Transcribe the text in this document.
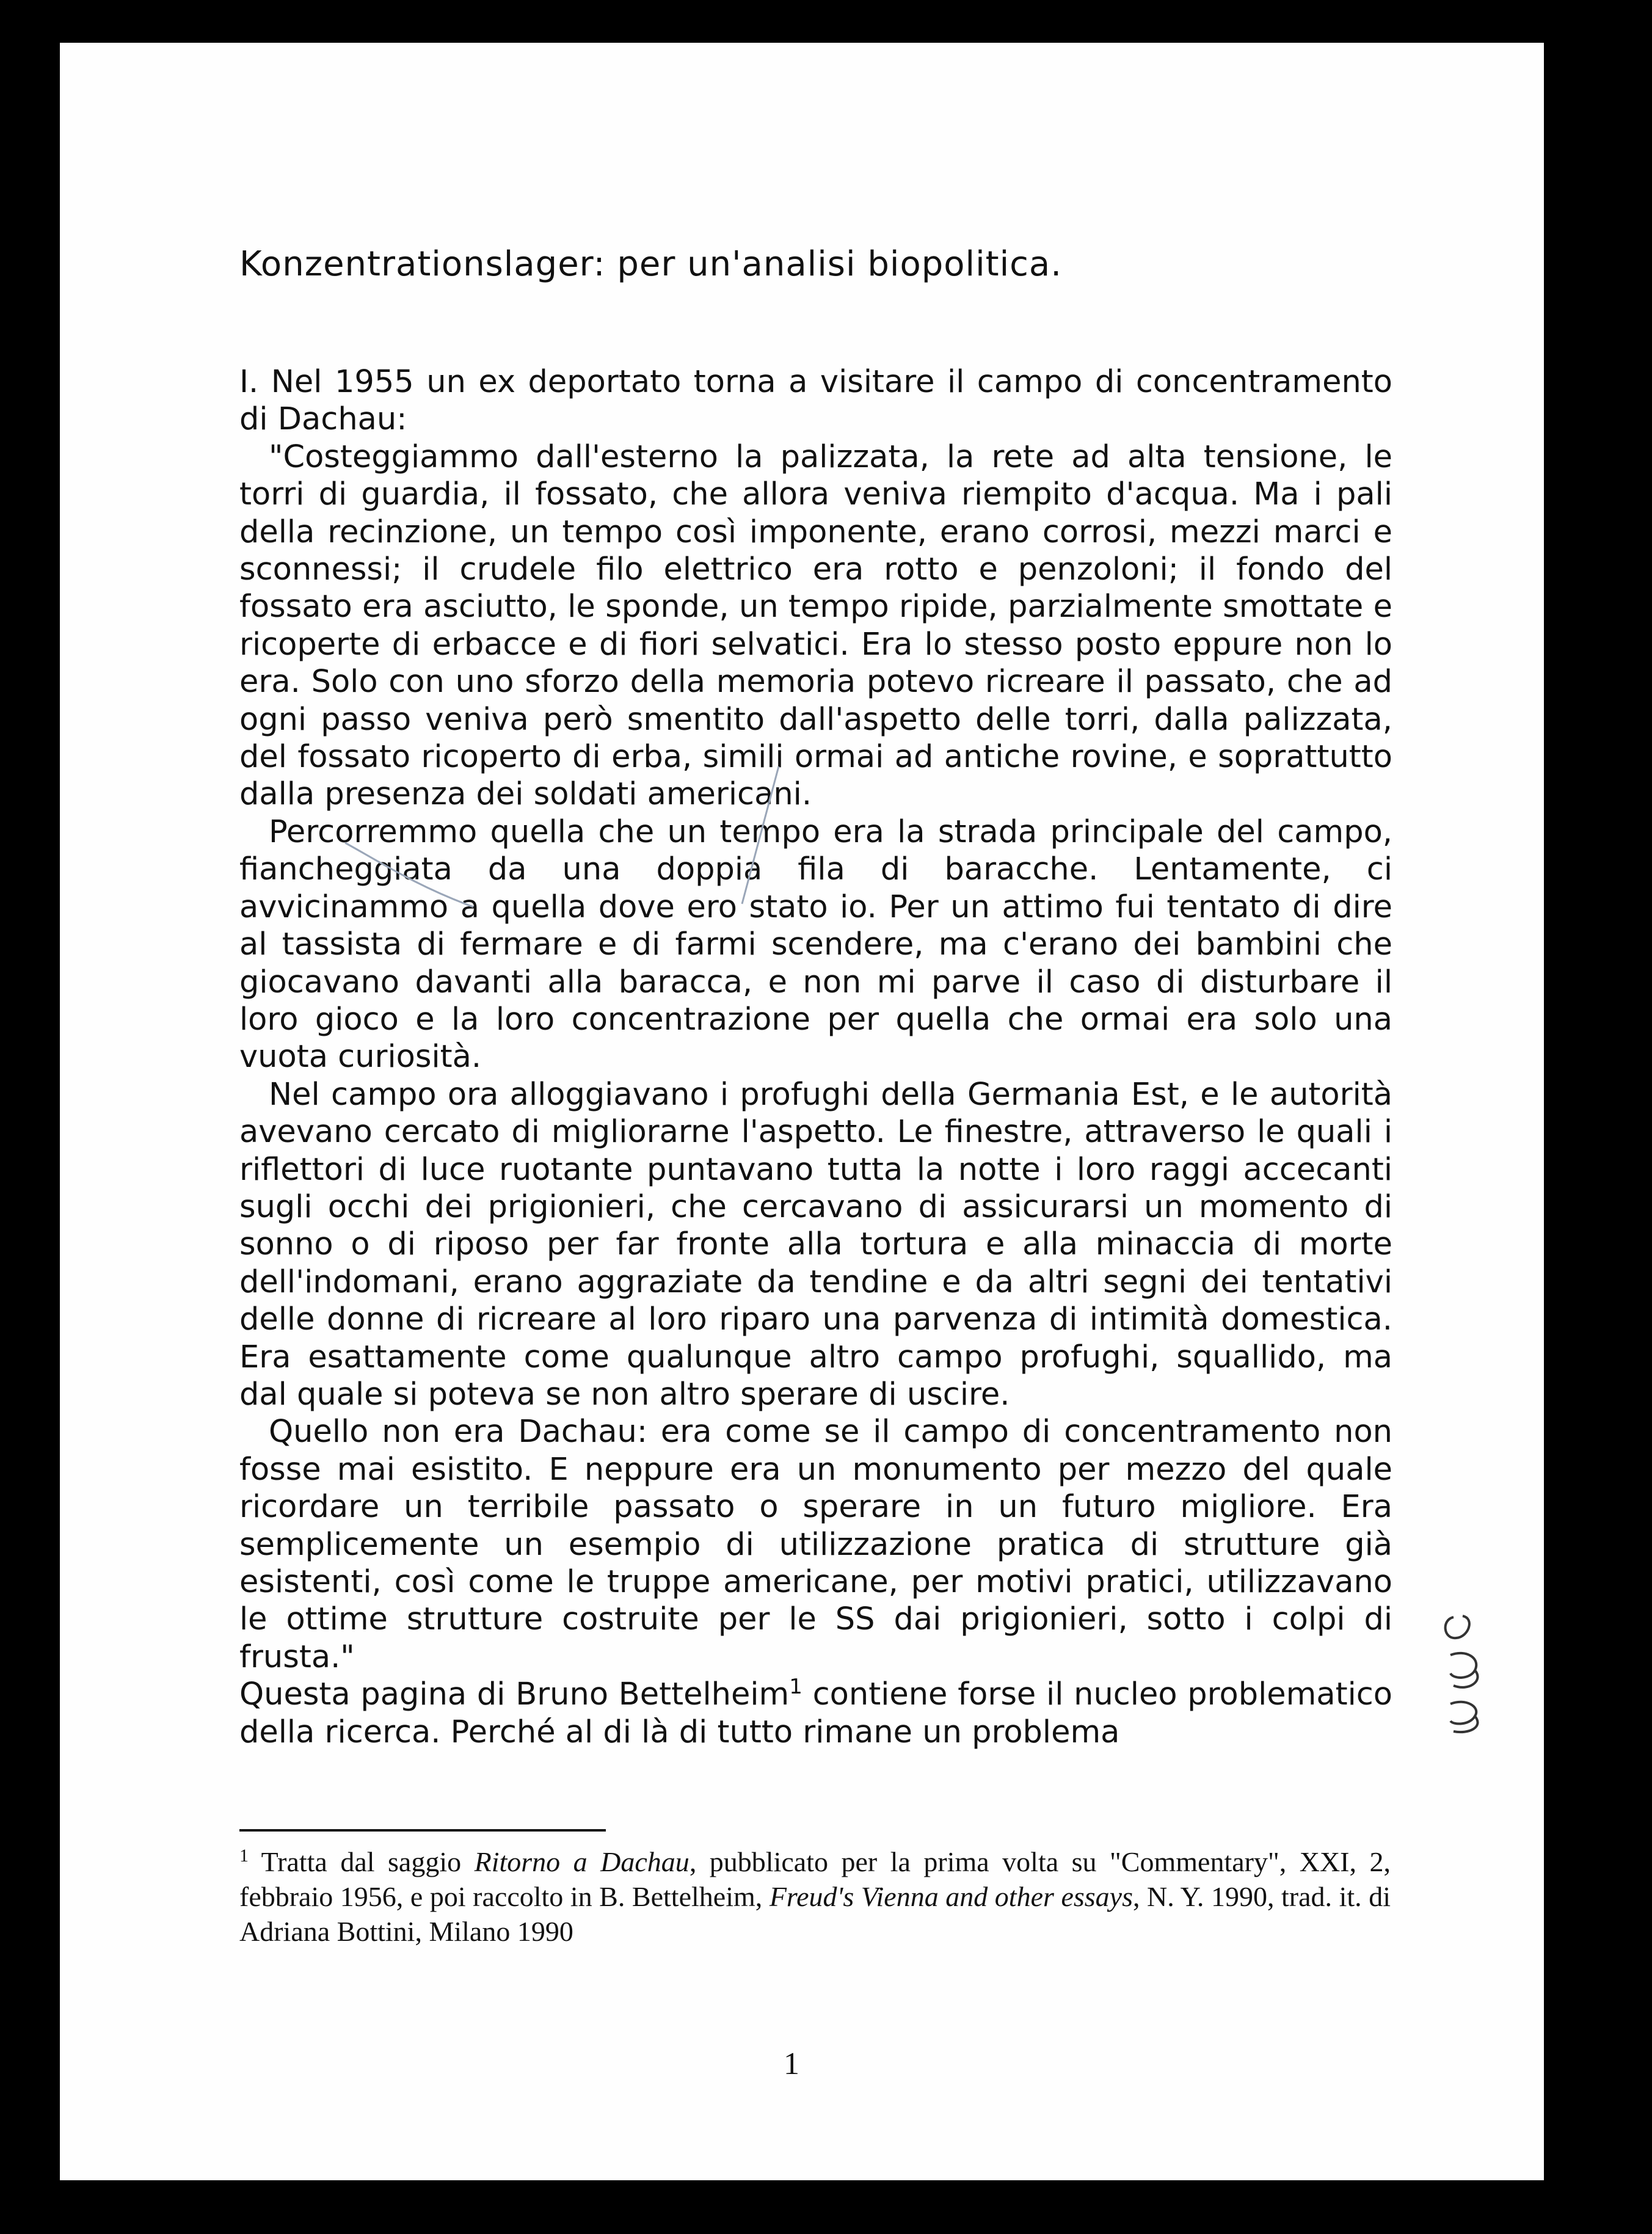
Konzentrationslager: per un'analisi biopolitica.

I. Nel 1955 un ex deportato torna a visitare il campo di concentramento di Dachau:

"Costeggiammo dall'esterno la palizzata, la rete ad alta tensione, le torri di guardia, il fossato, che allora veniva riempito d'acqua. Ma i pali della recinzione, un tempo così imponente, erano corrosi, mezzi marci e sconnessi; il crudele filo elettrico era rotto e penzoloni; il fondo del fossato era asciutto, le sponde, un tempo ripide, parzialmente smottate e ricoperte di erbacce e di fiori selvatici. Era lo stesso posto eppure non lo era. Solo con uno sforzo della memoria potevo ricreare il passato, che ad ogni passo veniva però smentito dall'aspetto delle torri, dalla palizzata, del fossato ricoperto di erba, simili ormai ad antiche rovine, e soprattutto dalla presenza dei soldati americani.

Percorremmo quella che un tempo era la strada principale del campo, fiancheggiata da una doppia fila di baracche. Lentamente, ci avvicinammo a quella dove ero stato io. Per un attimo fui tentato di dire al tassista di fermare e di farmi scendere, ma c'erano dei bambini che giocavano davanti alla baracca, e non mi parve il caso di disturbare il loro gioco e la loro concentrazione per quella che ormai era solo una vuota curiosità.

Nel campo ora alloggiavano i profughi della Germania Est, e le autorità avevano cercato di migliorarne l'aspetto. Le finestre, attraverso le quali i riflettori di luce ruotante puntavano tutta la notte i loro raggi accecanti sugli occhi dei prigionieri, che cercavano di assicurarsi un momento di sonno o di riposo per far fronte alla tortura e alla minaccia di morte dell'indomani, erano aggraziate da tendine e da altri segni dei tentativi delle donne di ricreare al loro riparo una parvenza di intimità domestica. Era esattamente come qualunque altro campo profughi, squallido, ma dal quale si poteva se non altro sperare di uscire.

Quello non era Dachau: era come se il campo di concentramento non fosse mai esistito. E neppure era un monumento per mezzo del quale ricordare un terribile passato o sperare in un futuro migliore. Era semplicemente un esempio di utilizzazione pratica di strutture già esistenti, così come le truppe americane, per motivi pratici, utilizzavano le ottime strutture costruite per le SS dai prigionieri, sotto i colpi di frusta."

Questa pagina di Bruno Bettelheim$^1$ contiene forse il nucleo problematico della ricerca. Perché al di là di tutto rimane un problema

$^1$ Tratta dal saggio Ritorno a Dachau, pubblicato per la prima volta su "Commentary", XXI, 2, febbraio 1956, e poi raccolto in B. Bettelheim, Freud's Vienna and other essays, N. Y. 1990, trad. it. di Adriana Bottini, Milano 1990
1
